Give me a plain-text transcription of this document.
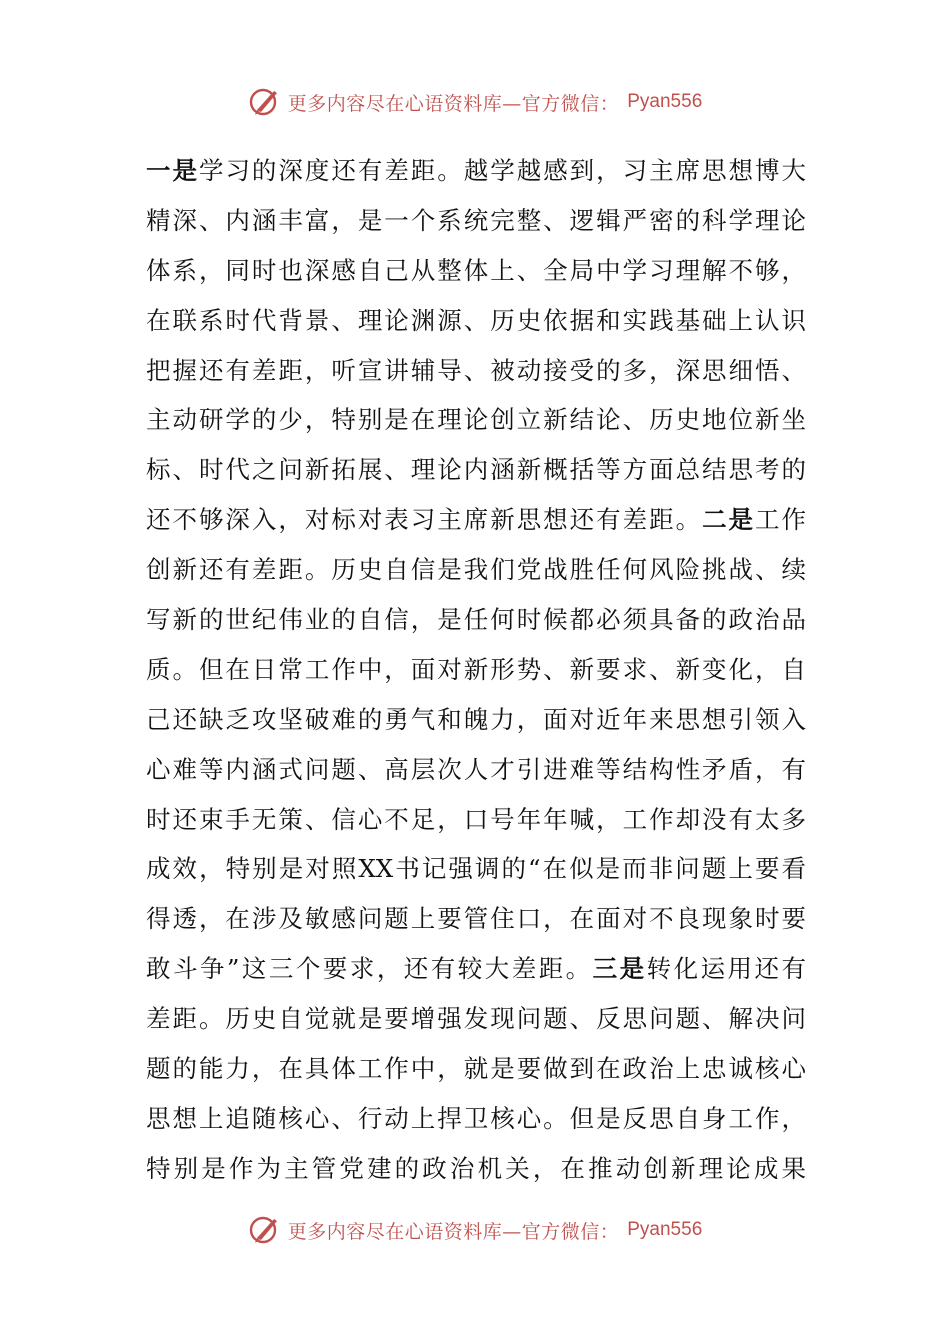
更多内容尽在心语资料库—官方微信： Pyan556
一是学习的深度还有差距。越学越感到，习主席思想博大
精深、内涵丰富，是一个系统完整、逻辑严密的科学理论
体系，同时也深感自己从整体上、全局中学习理解不够，
在联系时代背景、理论渊源、历史依据和实践基础上认识
把握还有差距，听宣讲辅导、被动接受的多，深思细悟、
主动研学的少，特别是在理论创立新结论、历史地位新坐
标、时代之问新拓展、理论内涵新概括等方面总结思考的
还不够深入，对标对表习主席新思想还有差距。二是工作
创新还有差距。历史自信是我们党战胜任何风险挑战、续
写新的世纪伟业的自信，是任何时候都必须具备的政治品
质。但在日常工作中，面对新形势、新要求、新变化，自
己还缺乏攻坚破难的勇气和魄力，面对近年来思想引领入
心难等内涵式问题、高层次人才引进难等结构性矛盾，有
时还束手无策、信心不足，口号年年喊，工作却没有太多
成效，特别是对照XX书记强调的“在似是而非问题上要看
得透，在涉及敏感问题上要管住口，在面对不良现象时要
敢斗争”这三个要求，还有较大差距。三是转化运用还有
差距。历史自觉就是要增强发现问题、反思问题、解决问
题的能力，在具体工作中，就是要做到在政治上忠诚核心
思想上追随核心、行动上捍卫核心。但是反思自身工作，
特别是作为主管党建的政治机关，在推动创新理论成果
更多内容尽在心语资料库—官方微信： Pyan556
